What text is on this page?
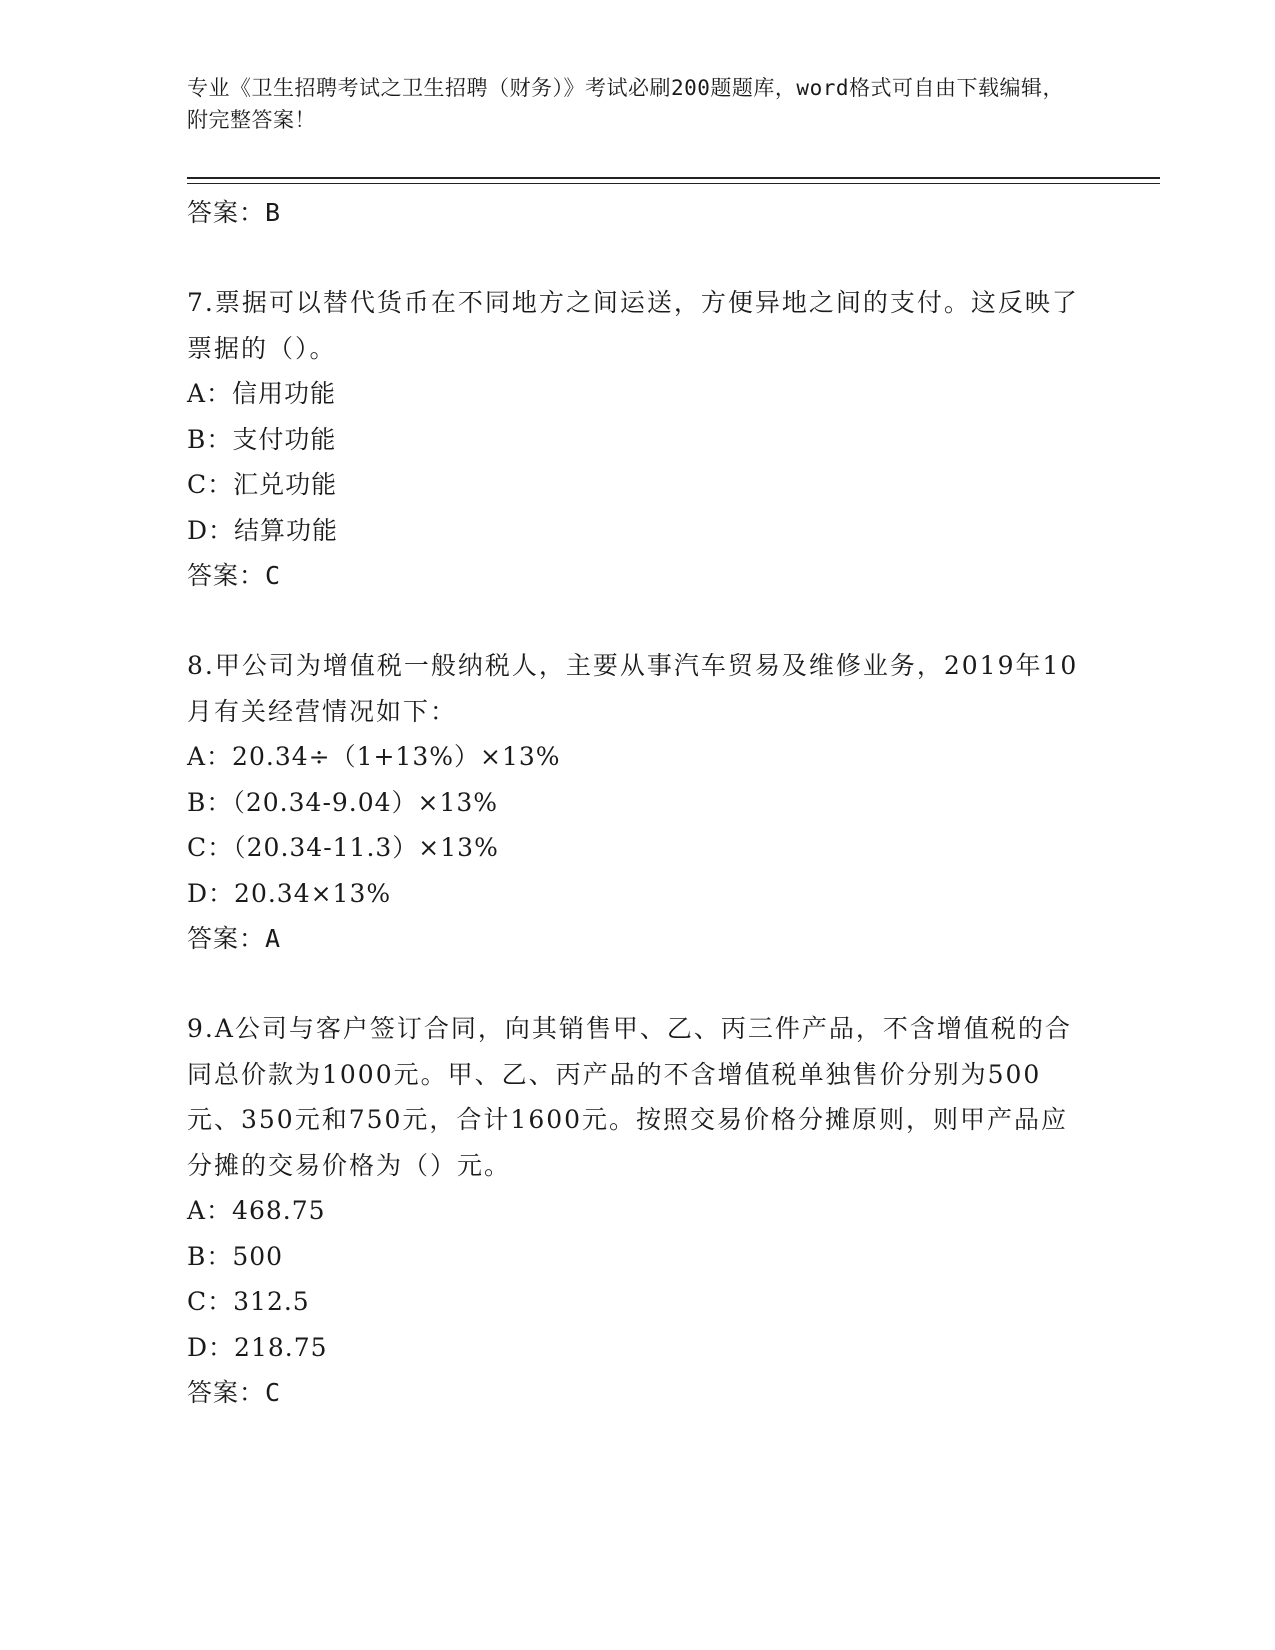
专业《卫生招聘考试之卫生招聘（财务）》考试必刷200题题库，word格式可自由下载编辑，附完整答案！
答案：B
7.票据可以替代货币在不同地方之间运送，方便异地之间的支付。这反映了票据的（）。
A：信用功能
B：支付功能
C：汇兑功能
D：结算功能
答案：C
8.甲公司为增值税一般纳税人，主要从事汽车贸易及维修业务，2019年10月有关经营情况如下：
A：20.34÷（1+13%）×13%
B：（20.34-9.04）×13%
C：（20.34-11.3）×13%
D：20.34×13%
答案：A
9.A公司与客户签订合同，向其销售甲、乙、丙三件产品，不含增值税的合同总价款为1000元。甲、乙、丙产品的不含增值税单独售价分别为500元、350元和750元，合计1600元。按照交易价格分摊原则，则甲产品应分摊的交易价格为（）元。
A：468.75
B：500
C：312.5
D：218.75
答案：C
